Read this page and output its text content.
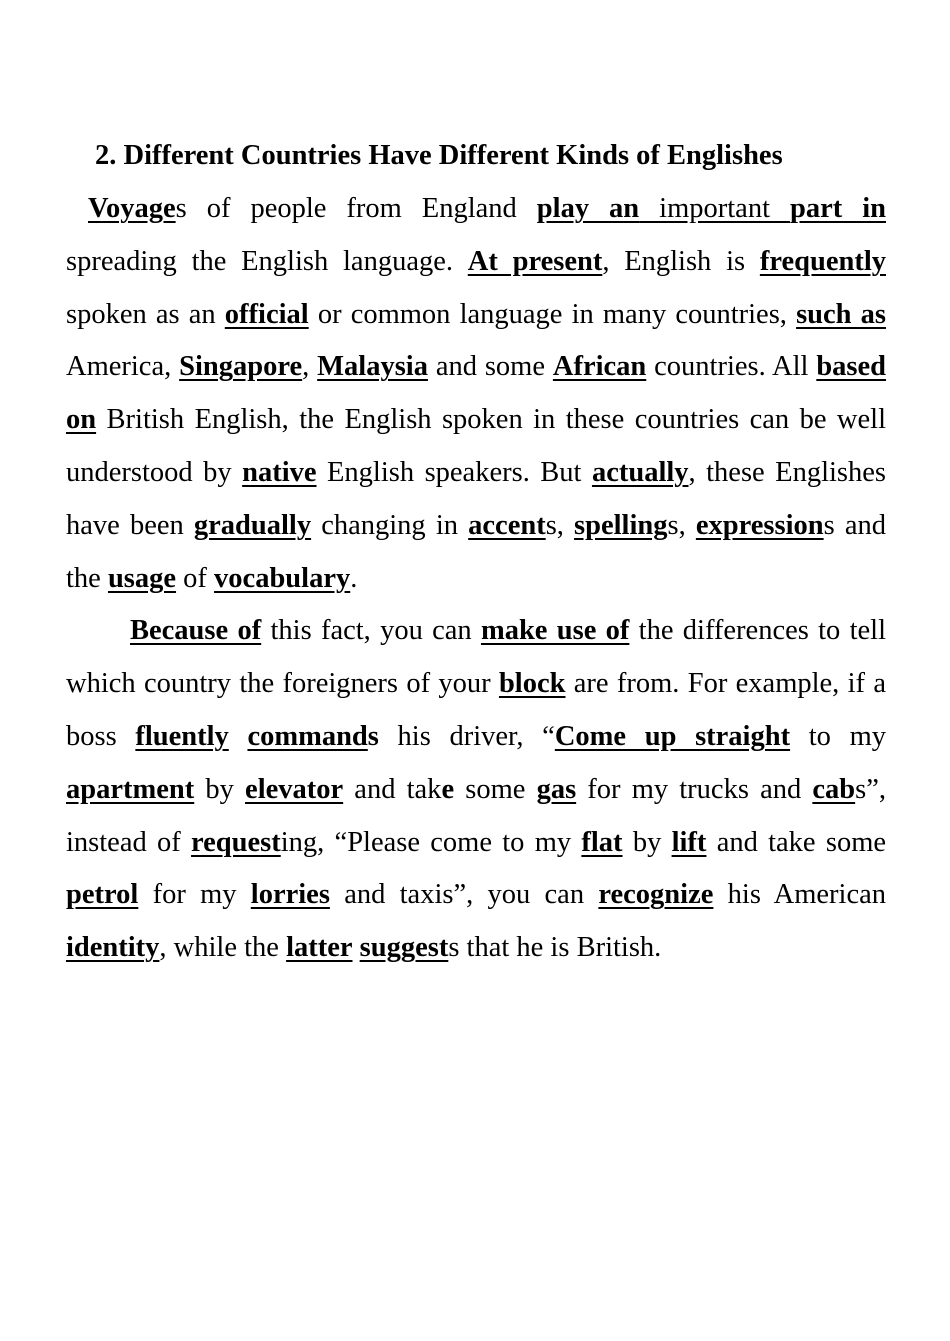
2. Different Countries Have Different Kinds of Englishes

Voyages of people from England play an important part in spreading the English language. At present, English is frequently spoken as an official or common language in many countries, such as America, Singapore, Malaysia and some African countries. All based on British English, the English spoken in these countries can be well understood by native English speakers. But actually, these Englishes have been gradually changing in accents, spellings, expressions and the usage of vocabulary.

Because of this fact, you can make use of the differences to tell which country the foreigners of your block are from. For example, if a boss fluently commands his driver, “Come up straight to my apartment by elevator and take some gas for my trucks and cabs”, instead of requesting, “Please come to my flat by lift and take some petrol for my lorries and taxis”, you can recognize his American identity, while the latter suggests that he is British.
